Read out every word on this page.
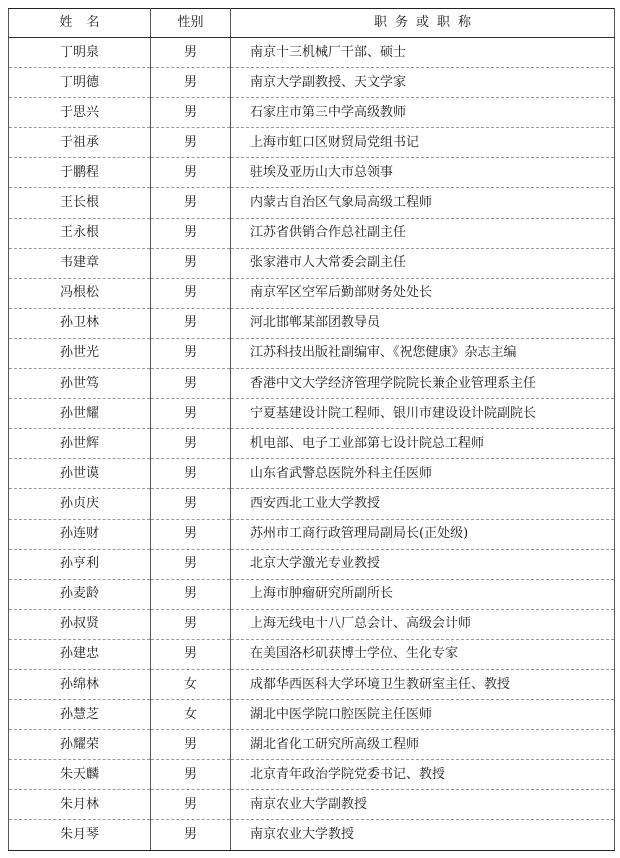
姓名	性别	职务或职称
丁明泉	男	南京十三机械厂干部、硕士
丁明德	男	南京大学副教授、天文学家
于思兴	男	石家庄市第三中学高级教师
于祖承	男	上海市虹口区财贸局党组书记
于鹏程	男	驻埃及亚历山大市总领事
王长根	男	内蒙古自治区气象局高级工程师
王永根	男	江苏省供销合作总社副主任
韦建章	男	张家港市人大常委会副主任
冯根松	男	南京军区空军后勤部财务处处长
孙卫林	男	河北邯郸某部团教导员
孙世光	男	江苏科技出版社副编审、《祝您健康》杂志主编
孙世笃	男	香港中文大学经济管理学院院长兼企业管理系主任
孙世耀	男	宁夏基建设计院工程师、银川市建设设计院副院长
孙世辉	男	机电部、电子工业部第七设计院总工程师
孙世谟	男	山东省武警总医院外科主任医师
孙贞庆	男	西安西北工业大学教授
孙连财	男	苏州市工商行政管理局副局长(正处级)
孙亨利	男	北京大学激光专业教授
孙麦龄	男	上海市肿瘤研究所副所长
孙叔贤	男	上海无线电十八厂总会计、高级会计师
孙建忠	男	在美国洛杉矶获博士学位、生化专家
孙绵林	女	成都华西医科大学环境卫生教研室主任、教授
孙慧芝	女	湖北中医学院口腔医院主任医师
孙耀荣	男	湖北省化工研究所高级工程师
朱天麟	男	北京青年政治学院党委书记、教授
朱月林	男	南京农业大学副教授
朱月琴	男	南京农业大学教授
